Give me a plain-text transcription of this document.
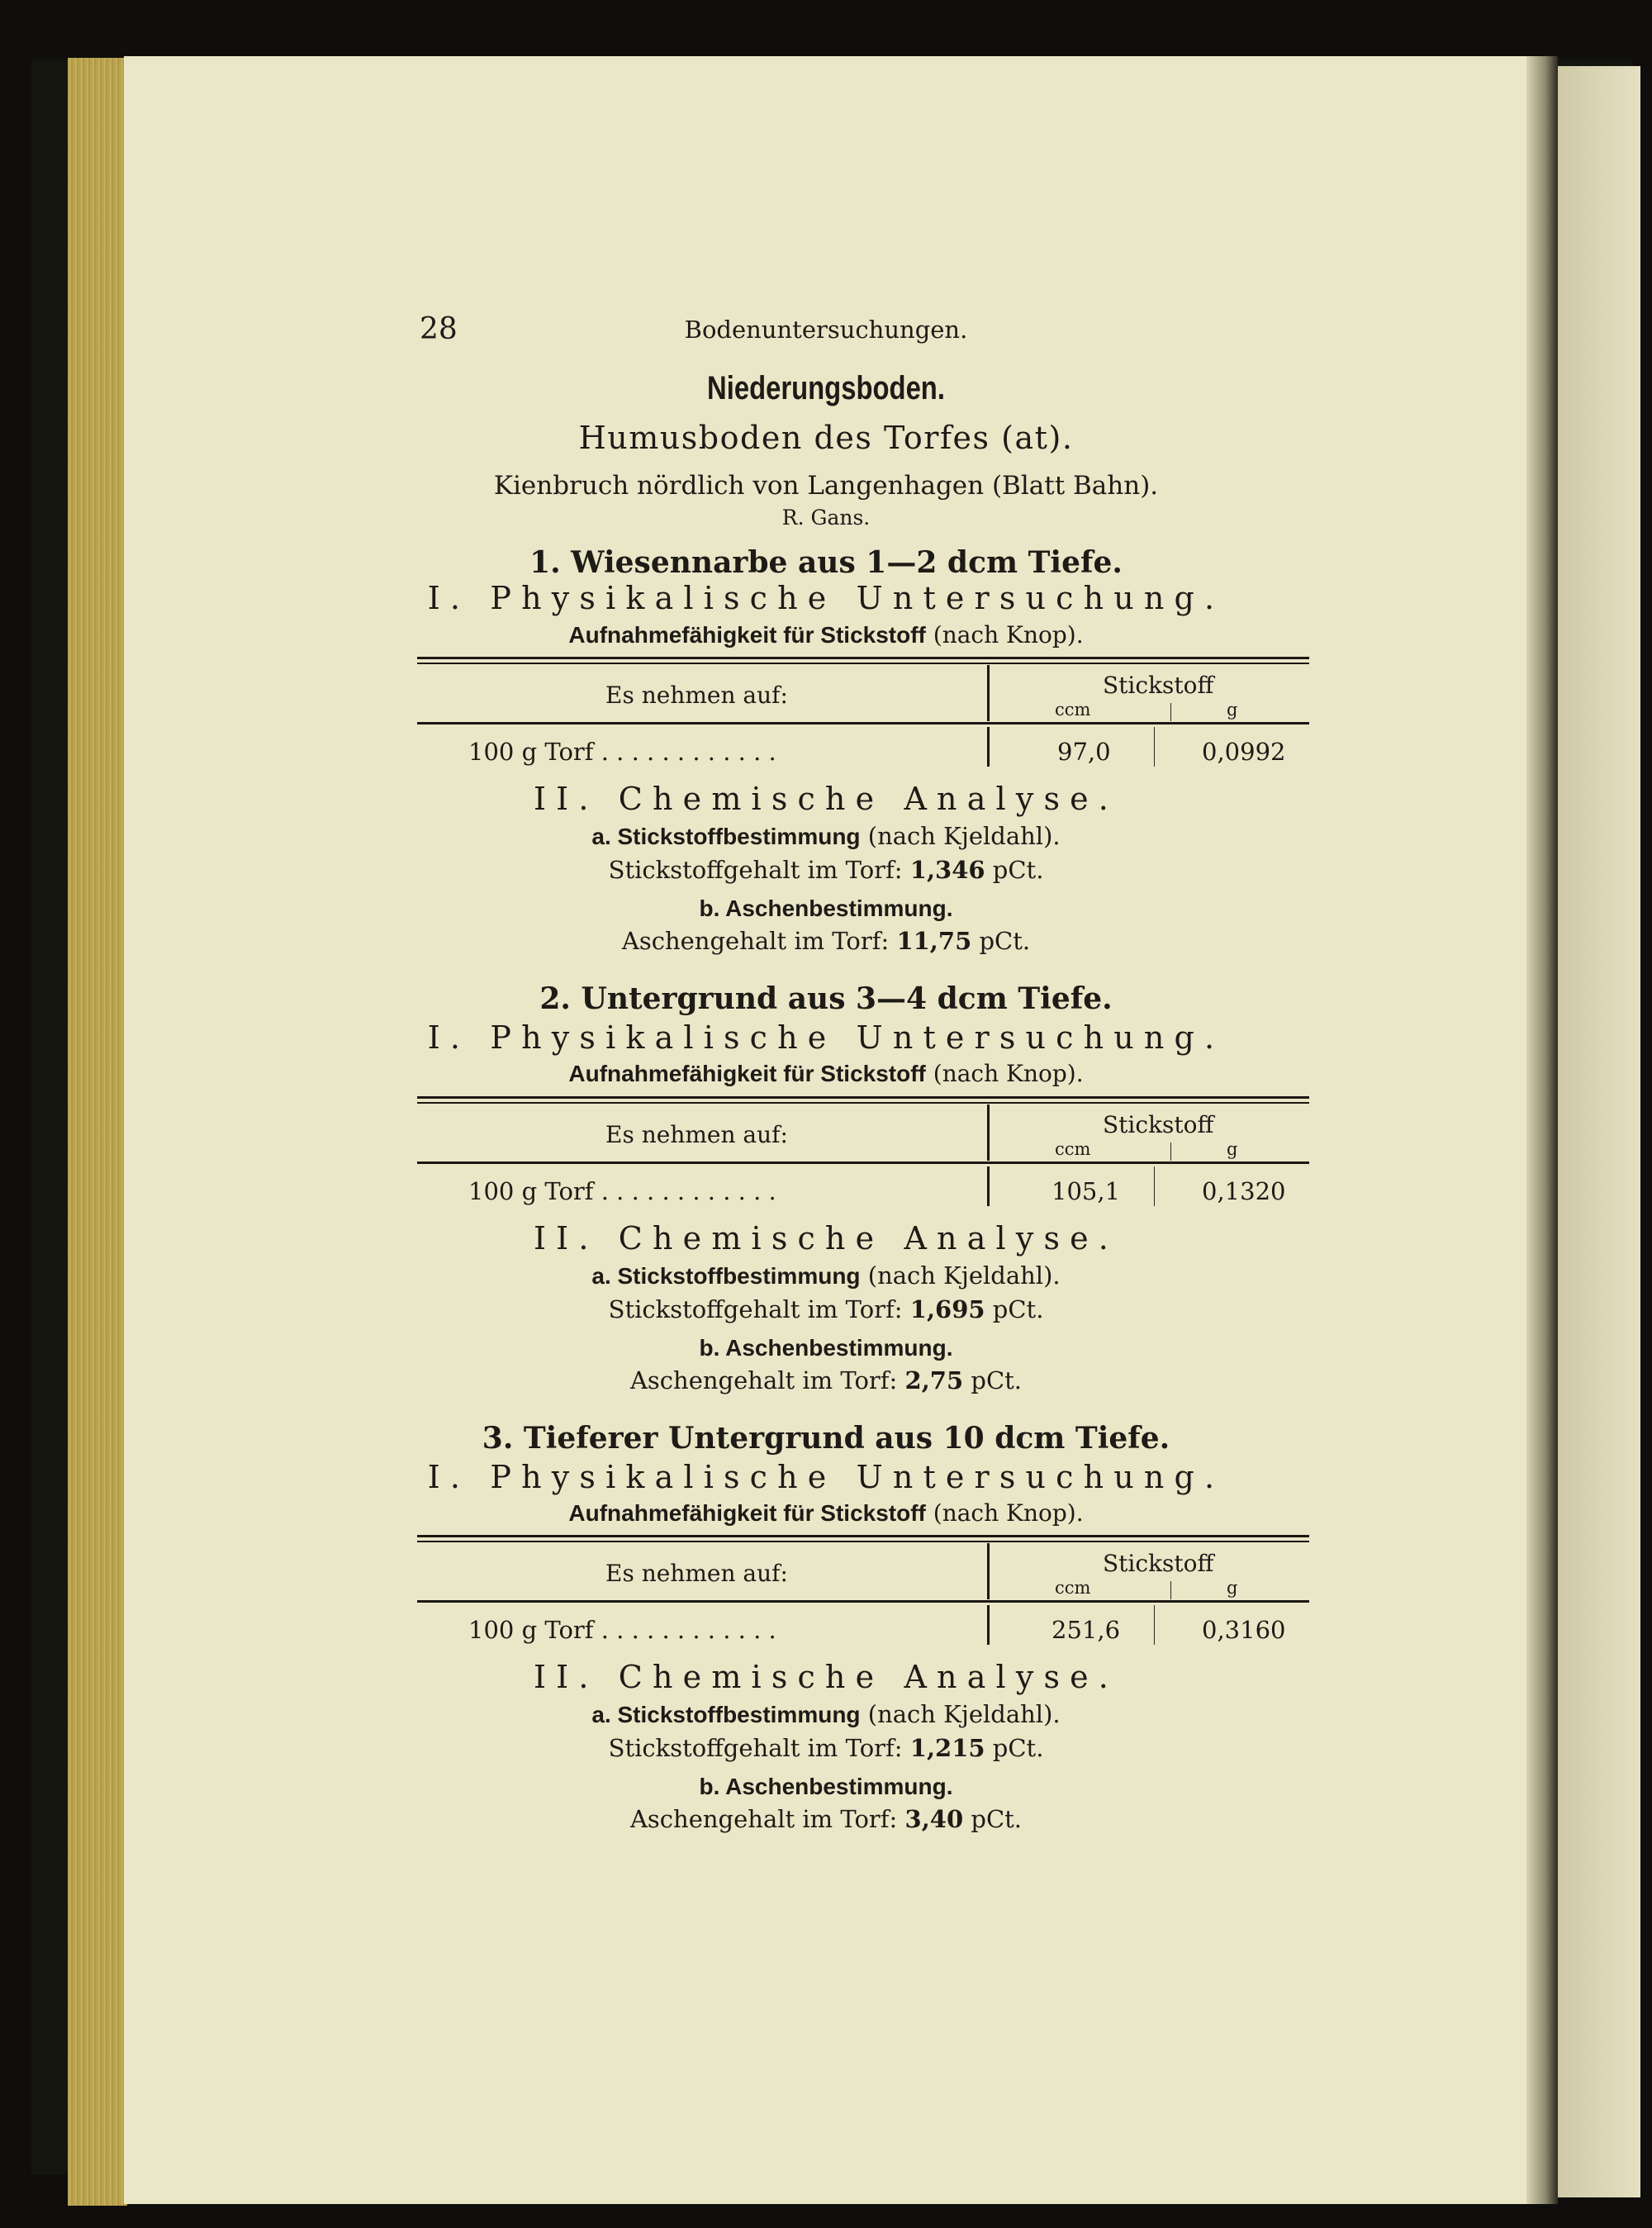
28	Bodenuntersuchungen.
Niederungsboden.
Humusboden des Torfes (at).
Kienbruch nördlich von Langenhagen (Blatt Bahn).
R. Gans.
1. Wiesennarbe aus 1—2 dcm Tiefe.
I. Physikalische Untersuchung.
Aufnahmefähigkeit für Stickstoff (nach Knop).
Es nehmen auf:	Stickstoff
ccm	g
100 g Torf . . . . . . . . . . . .	97,0	0,0992
II. Chemische Analyse.
a. Stickstoffbestimmung (nach Kjeldahl).
Stickstoffgehalt im Torf: 1,346 pCt.
b. Aschenbestimmung.
Aschengehalt im Torf: 11,75 pCt.
2. Untergrund aus 3—4 dcm Tiefe.
I. Physikalische Untersuchung.
Aufnahmefähigkeit für Stickstoff (nach Knop).
Es nehmen auf:	Stickstoff
ccm	g
100 g Torf . . . . . . . . . . . .	105,1	0,1320
II. Chemische Analyse.
a. Stickstoffbestimmung (nach Kjeldahl).
Stickstoffgehalt im Torf: 1,695 pCt.
b. Aschenbestimmung.
Aschengehalt im Torf: 2,75 pCt.
3. Tieferer Untergrund aus 10 dcm Tiefe.
I. Physikalische Untersuchung.
Aufnahmefähigkeit für Stickstoff (nach Knop).
Es nehmen auf:	Stickstoff
ccm	g
100 g Torf . . . . . . . . . . . .	251,6	0,3160
II. Chemische Analyse.
a. Stickstoffbestimmung (nach Kjeldahl).
Stickstoffgehalt im Torf: 1,215 pCt.
b. Aschenbestimmung.
Aschengehalt im Torf: 3,40 pCt.
